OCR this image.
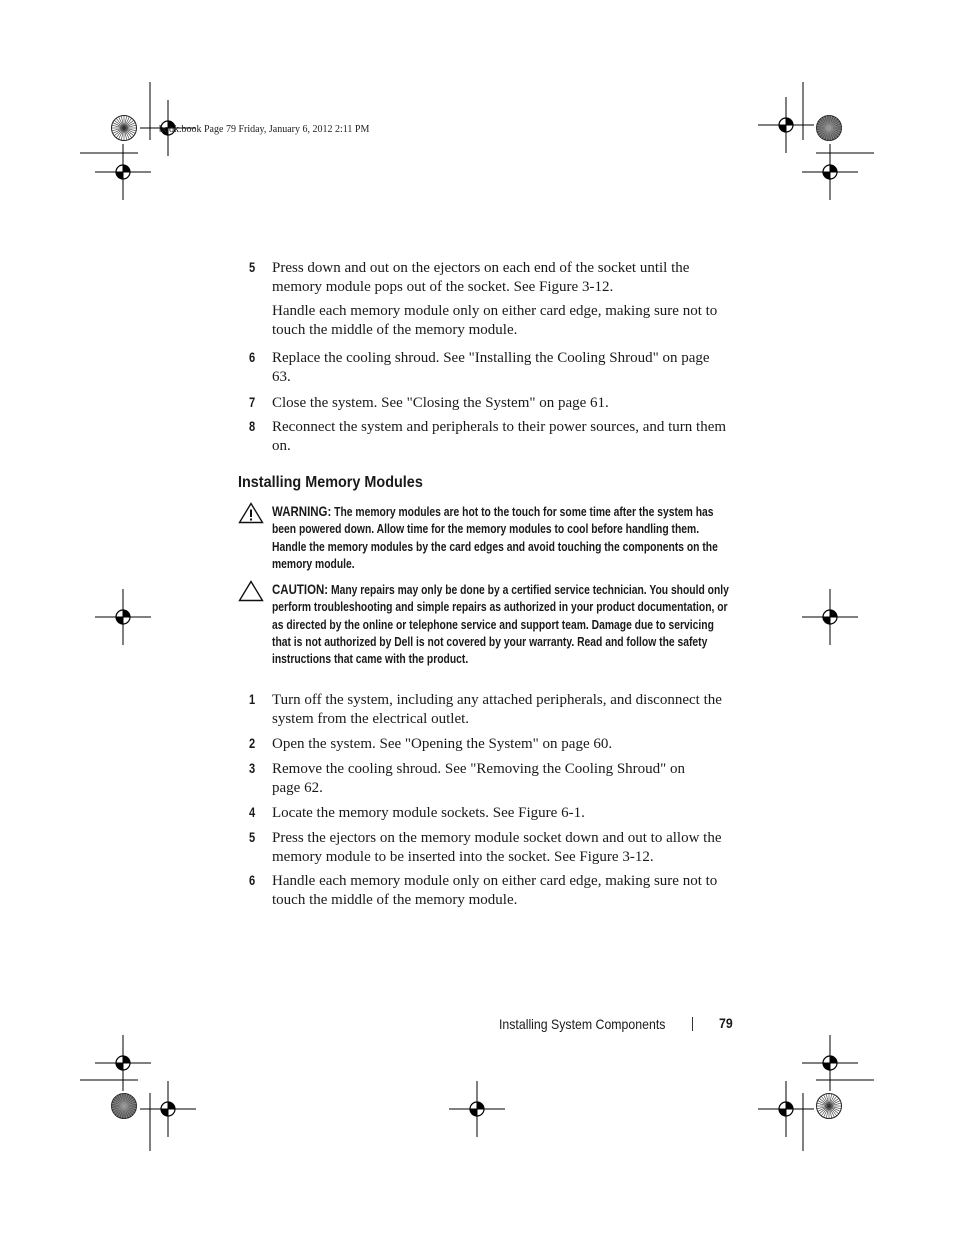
book.book Page 79 Friday, January 6, 2012 2:11 PM
5	Press down and out on the ejectors on each end of the socket until the memory module pops out of the socket. See Figure 3-12.
Handle each memory module only on either card edge, making sure not to touch the middle of the memory module.
6	Replace the cooling shroud. See "Installing the Cooling Shroud" on page 63.
7	Close the system. See "Closing the System" on page 61.
8	Reconnect the system and peripherals to their power sources, and turn them on.
Installing Memory Modules
WARNING: The memory modules are hot to the touch for some time after the system has been powered down. Allow time for the memory modules to cool before handling them. Handle the memory modules by the card edges and avoid touching the components on the memory module.
CAUTION: Many repairs may only be done by a certified service technician. You should only perform troubleshooting and simple repairs as authorized in your product documentation, or as directed by the online or telephone service and support team. Damage due to servicing that is not authorized by Dell is not covered by your warranty. Read and follow the safety instructions that came with the product.
1	Turn off the system, including any attached peripherals, and disconnect the system from the electrical outlet.
2	Open the system. See "Opening the System" on page 60.
3	Remove the cooling shroud. See "Removing the Cooling Shroud" on page 62.
4	Locate the memory module sockets. See Figure 6-1.
5	Press the ejectors on the memory module socket down and out to allow the memory module to be inserted into the socket. See Figure 3-12.
6	Handle each memory module only on either card edge, making sure not to touch the middle of the memory module.
Installing System Components	79
